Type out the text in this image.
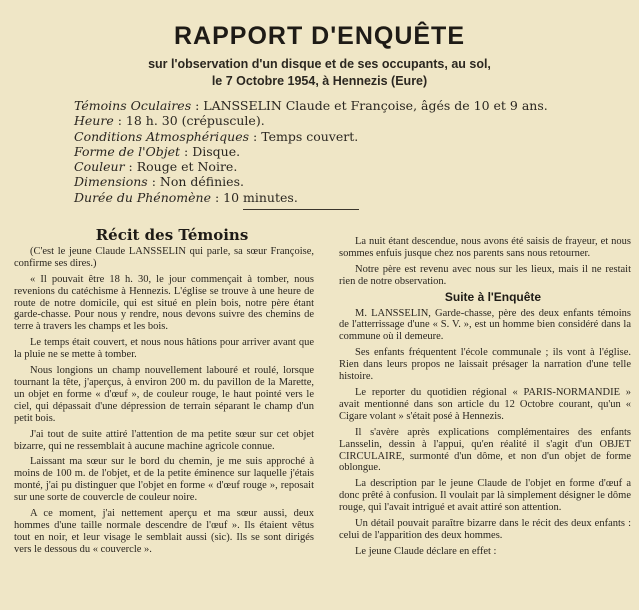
RAPPORT D'ENQUÊTE
sur l'observation d'un disque et de ses occupants, au sol,
le 7 Octobre 1954, à Hennezis (Eure)
Témoins Oculaires : LANSSELIN Claude et Françoise, âgés de 10 et 9 ans.
Heure : 18 h. 30 (crépuscule).
Conditions Atmosphériques : Temps couvert.
Forme de l'Objet : Disque.
Couleur : Rouge et Noire.
Dimensions : Non définies.
Durée du Phénomène : 10 minutes.

Récit des Témoins

(C'est le jeune Claude LANSSELIN qui parle, sa sœur Françoise, confirme ses dires.)

« Il pouvait être 18 h. 30, le jour commençait à tomber, nous revenions du catéchisme à Hennezis. L'église se trouve à une heure de route de notre domicile, qui est situé en plein bois, notre père étant garde-chasse. Pour nous y rendre, nous devons suivre des chemins de terre à travers les champs et les bois.

Le temps était couvert, et nous nous hâtions pour arriver avant que la pluie ne se mette à tomber.

Nous longions un champ nouvellement labouré et roulé, lorsque tournant la tête, j'aperçus, à environ 200 m. du pavillon de la Marette, un objet en forme « d'œuf », de couleur rouge, le haut pointé vers le ciel, qui dépassait d'une dépression de terrain séparant le champ d'un petit bois.

J'ai tout de suite attiré l'attention de ma petite sœur sur cet objet bizarre, qui ne ressemblait à aucune machine agricole connue.

Laissant ma sœur sur le bord du chemin, je me suis approché à moins de 100 m. de l'objet, et de la petite éminence sur laquelle j'étais monté, j'ai pu distinguer que l'objet en forme « d'œuf rouge », reposait sur une sorte de couvercle de couleur noire.

A ce moment, j'ai nettement aperçu et ma sœur aussi, deux hommes d'une taille normale descendre de l'œuf ». Ils étaient vêtus tout en noir, et leur visage le semblait aussi (sic). Ils se sont dirigés vers le dessous du « couvercle ».

La nuit étant descendue, nous avons été saisis de frayeur, et nous sommes enfuis jusque chez nos parents sans nous retourner.

Notre père est revenu avec nous sur les lieux, mais il ne restait rien de notre observation.

Suite à l'Enquête

M. LANSSELIN, Garde-chasse, père des deux enfants témoins de l'atterrissage d'une « S. V. », est un homme bien considéré dans la commune où il demeure.

Ses enfants fréquentent l'école communale ; ils vont à l'église. Rien dans leurs propos ne laissait présager la narration d'une telle histoire.

Le reporter du quotidien régional « PARIS-NORMANDIE » avait mentionné dans son article du 12 Octobre courant, qu'un « Cigare volant » s'était posé à Hennezis.

Il s'avère après explications complémentaires des enfants Lansselin, dessin à l'appui, qu'en réalité il s'agit d'un OBJET CIRCULAIRE, surmonté d'un dôme, et non d'un objet de forme oblongue.

La description par le jeune Claude de l'objet en forme d'œuf a donc prêté à confusion. Il voulait par là simplement désigner le dôme rouge, qui l'avait intrigué et avait attiré son attention.

Un détail pouvait paraître bizarre dans le récit des deux enfants : celui de l'apparition des deux hommes.

Le jeune Claude déclare en effet :
